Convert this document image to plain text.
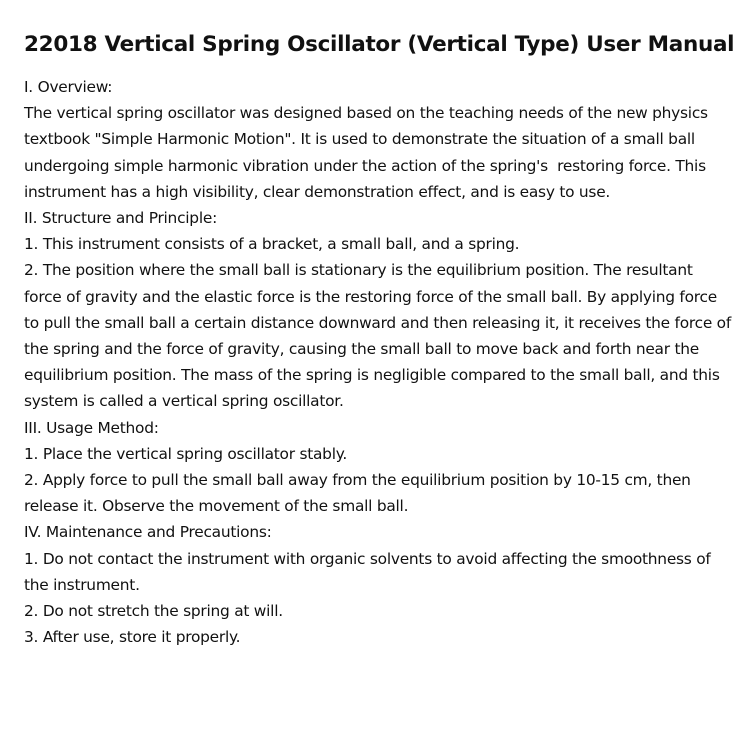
22018 Vertical Spring Oscillator (Vertical Type) User Manual
I. Overview:

The vertical spring oscillator was designed based on the teaching needs of the new physics textbook "Simple Harmonic Motion". It is used to demonstrate the situation of a small ball undergoing simple harmonic vibration under the action of the spring's  restoring force. This instrument has a high visibility, clear demonstration effect, and is easy to use.

II. Structure and Principle:

1. This instrument consists of a bracket, a small ball, and a spring.

2. The position where the small ball is stationary is the equilibrium position. The resultant force of gravity and the elastic force is the restoring force of the small ball. By applying force to pull the small ball a certain distance downward and then releasing it, it receives the force of the spring and the force of gravity, causing the small ball to move back and forth near the equilibrium position. The mass of the spring is negligible compared to the small ball, and this system is called a vertical spring oscillator.

III. Usage Method:

1. Place the vertical spring oscillator stably.

2. Apply force to pull the small ball away from the equilibrium position by 10-15 cm, then release it. Observe the movement of the small ball.

IV. Maintenance and Precautions:

1. Do not contact the instrument with organic solvents to avoid affecting the smoothness of the instrument.

2. Do not stretch the spring at will.

3. After use, store it properly.
